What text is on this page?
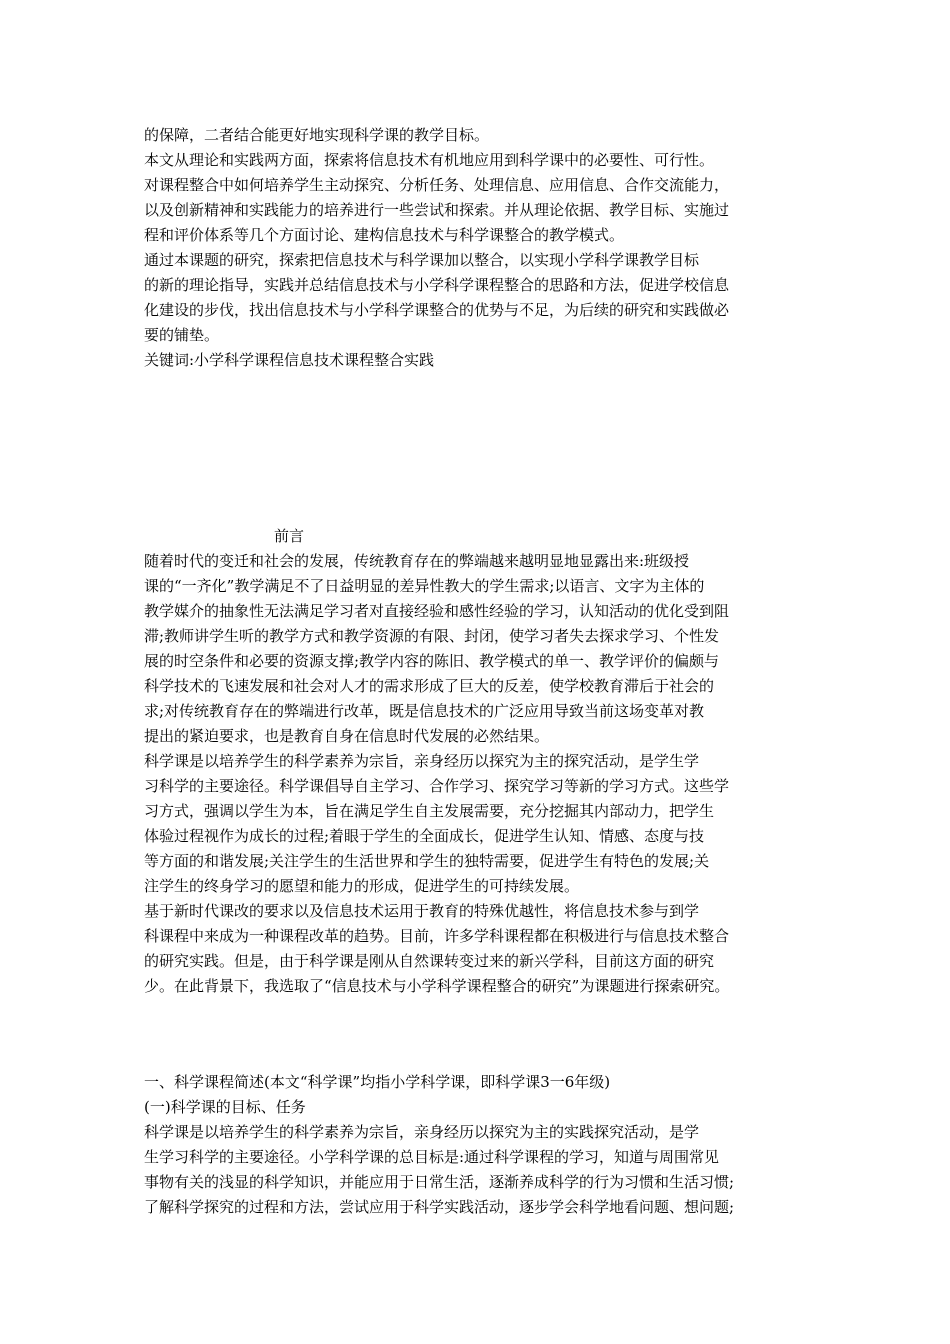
的保障，二者结合能更好地实现科学课的教学目标。
本文从理论和实践两方面，探索将信息技术有机地应用到科学课中的必要性、可行性。
对课程整合中如何培养学生主动探究、分析任务、处理信息、应用信息、合作交流能力，
以及创新精神和实践能力的培养进行一些尝试和探索。并从理论依据、教学目标、实施过
程和评价体系等几个方面讨论、建构信息技术与科学课整合的教学模式。
通过本课题的研究，探索把信息技术与科学课加以整合，以实现小学科学课教学目标
的新的理论指导，实践并总结信息技术与小学科学课程整合的思路和方法，促进学校信息
化建设的步伐，找出信息技术与小学科学课整合的优势与不足，为后续的研究和实践做必
要的铺垫。
关键词:小学科学课程信息技术课程整合实践
前言
随着时代的变迁和社会的发展，传统教育存在的弊端越来越明显地显露出来:班级授
课的“一齐化”教学满足不了日益明显的差异性教大的学生需求;以语言、文字为主体的
教学媒介的抽象性无法满足学习者对直接经验和感性经验的学习，认知活动的优化受到阻
滞;教师讲学生听的教学方式和教学资源的有限、封闭，使学习者失去探求学习、个性发
展的时空条件和必要的资源支撑;教学内容的陈旧、教学模式的单一、教学评价的偏颇与
科学技术的飞速发展和社会对人才的需求形成了巨大的反差，使学校教育滞后于社会的
求;对传统教育存在的弊端进行改革，既是信息技术的广泛应用导致当前这场变革对教
提出的紧迫要求，也是教育自身在信息时代发展的必然结果。
科学课是以培养学生的科学素养为宗旨，亲身经历以探究为主的探究活动，是学生学
习科学的主要途径。科学课倡导自主学习、合作学习、探究学习等新的学习方式。这些学
习方式，强调以学生为本，旨在满足学生自主发展需要，充分挖掘其内部动力，把学生
体验过程视作为成长的过程;着眼于学生的全面成长，促进学生认知、情感、态度与技
等方面的和谐发展;关注学生的生活世界和学生的独特需要，促进学生有特色的发展;关
注学生的终身学习的愿望和能力的形成，促进学生的可持续发展。
基于新时代课改的要求以及信息技术运用于教育的特殊优越性，将信息技术参与到学
科课程中来成为一种课程改革的趋势。目前，许多学科课程都在积极进行与信息技术整合
的研究实践。但是，由于科学课是刚从自然课转变过来的新兴学科，目前这方面的研究
少。在此背景下，我选取了“信息技术与小学科学课程整合的研究”为课题进行探索研究。
一、科学课程简述(本文“科学课”均指小学科学课，即科学课3一6年级)
(一)科学课的目标、任务
科学课是以培养学生的科学素养为宗旨，亲身经历以探究为主的实践探究活动，是学
生学习科学的主要途径。小学科学课的总目标是:通过科学课程的学习，知道与周围常见
事物有关的浅显的科学知识，并能应用于日常生活，逐渐养成科学的行为习惯和生活习惯;
了解科学探究的过程和方法，尝试应用于科学实践活动，逐步学会科学地看问题、想问题;
